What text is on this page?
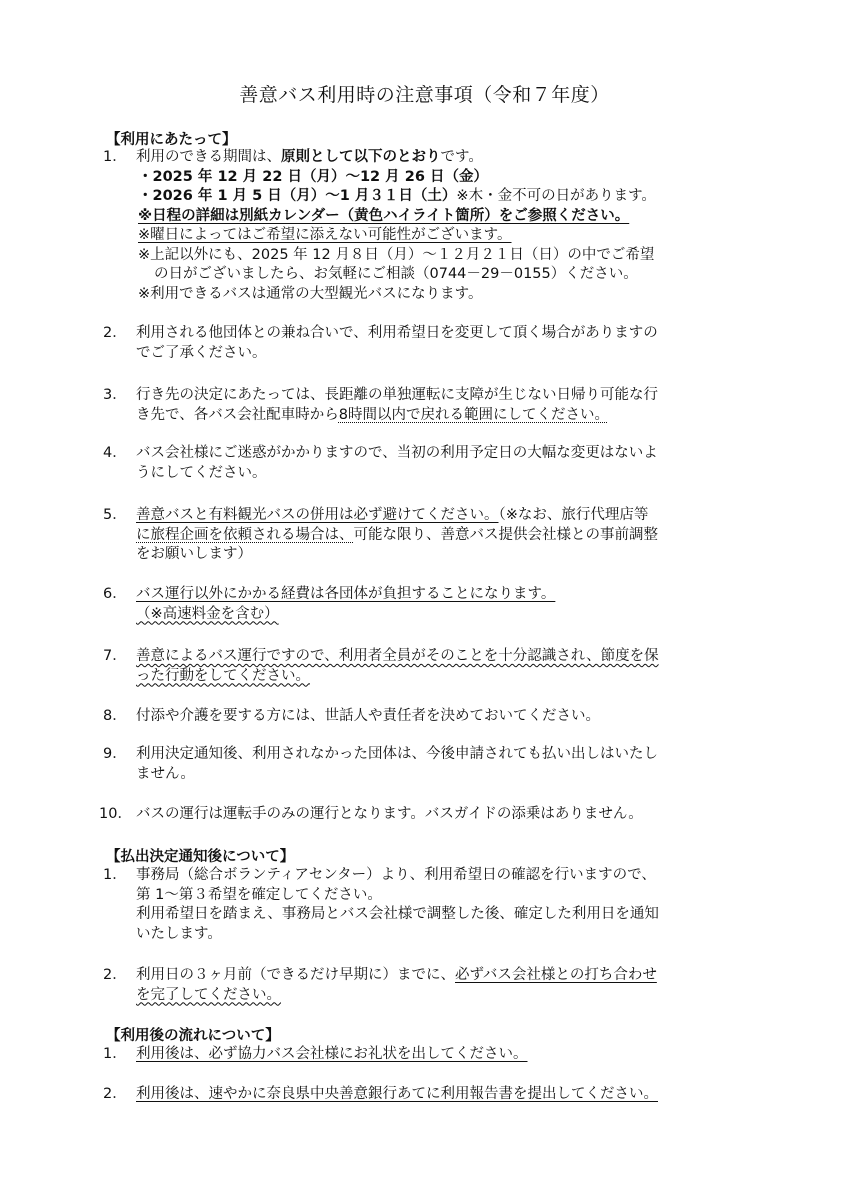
善意バス利用時の注意事項（令和７年度）
【利用にあたって】
1． 利用のできる期間は、原則として以下のとおりです。
・2025 年 12 月 22 日（月）～12 月 26 日（金）
・2026 年 1 月 5 日（月）～1 月３１日（土）※木・金不可の日があります。
※日程の詳細は別紙カレンダー（黄色ハイライト箇所）をご参照ください。
※曜日によってはご希望に添えない可能性がございます。
※上記以外にも、2025 年 12 月８日（月）～１２月２１日（日）の中でご希望
の日がございましたら、お気軽にご相談（0744－29－0155）ください。
※利用できるバスは通常の大型観光バスになります。
2． 利用される他団体との兼ね合いで、利用希望日を変更して頂く場合がありますの
でご了承ください。
3． 行き先の決定にあたっては、長距離の単独運転に支障が生じない日帰り可能な行
き先で、各バス会社配車時から8時間以内で戻れる範囲にしてください。
4． バス会社様にご迷惑がかかりますので、当初の利用予定日の大幅な変更はないよ
うにしてください。
5． 善意バスと有料観光バスの併用は必ず避けてください。（※なお、旅行代理店等
に旅程企画を依頼される場合は、可能な限り、善意バス提供会社様との事前調整
をお願いします）
6． バス運行以外にかかる経費は各団体が負担することになります。
（※高速料金を含む）
7． 善意によるバス運行ですので、利用者全員がそのことを十分認識され、節度を保
った行動をしてください。
8． 付添や介護を要する方には、世話人や責任者を決めておいてください。
9． 利用決定通知後、利用されなかった団体は、今後申請されても払い出しはいたし
ません。
10． バスの運行は運転手のみの運行となります。バスガイドの添乗はありません。
【払出決定通知後について】
1． 事務局（総合ボランティアセンター）より、利用希望日の確認を行いますので、
第 1～第３希望を確定してください。
利用希望日を踏まえ、事務局とバス会社様で調整した後、確定した利用日を通知
いたします。
2． 利用日の３ヶ月前（できるだけ早期に）までに、必ずバス会社様との打ち合わせ
を完了してください。
【利用後の流れについて】
1． 利用後は、必ず協力バス会社様にお礼状を出してください。
2． 利用後は、速やかに奈良県中央善意銀行あてに利用報告書を提出してください。
